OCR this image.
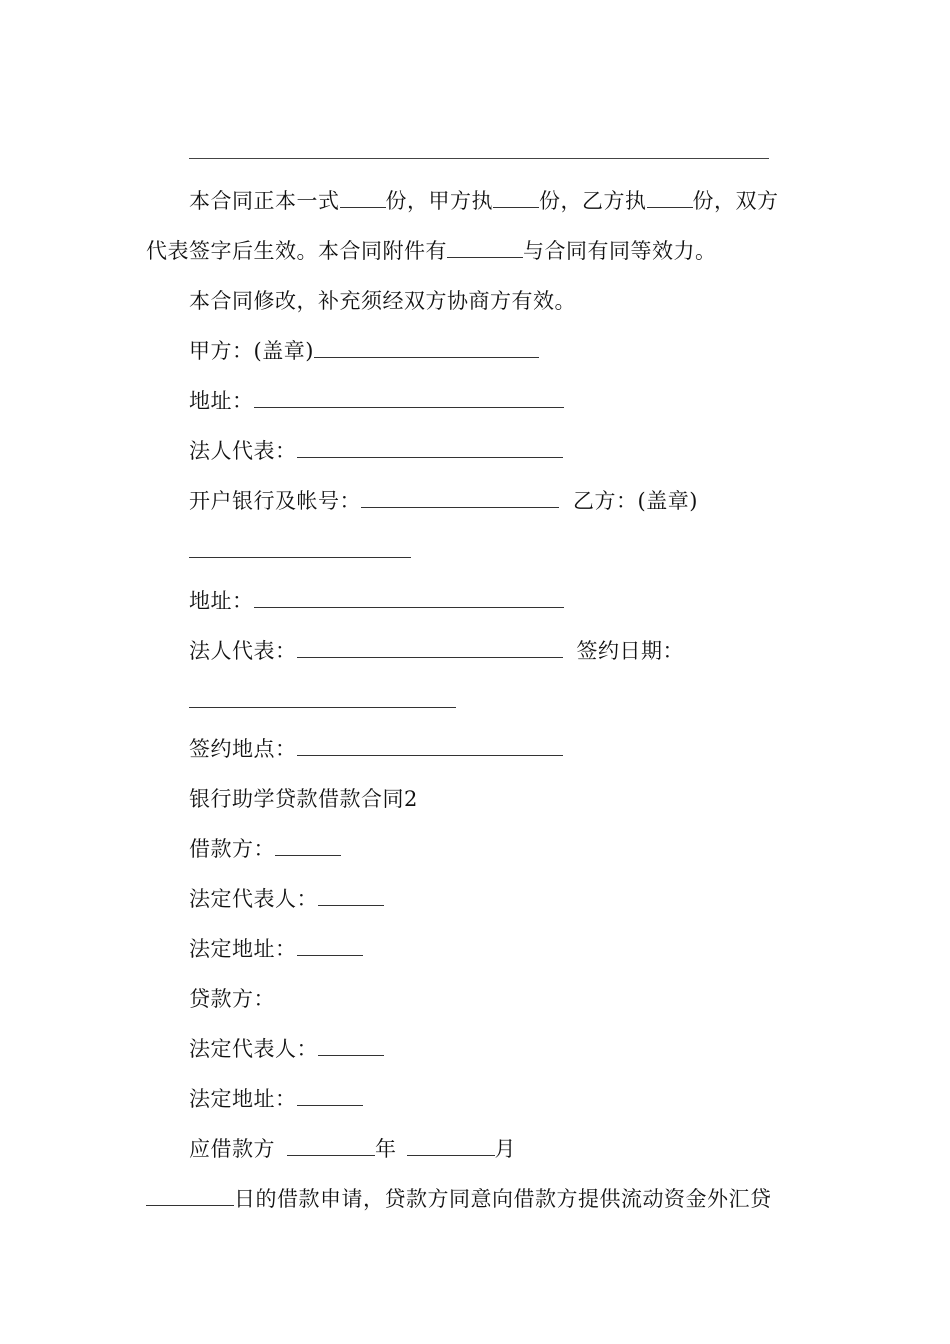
本合同正本一式 份，甲方执 份，乙方执 份，双方
代表签字后生效。本合同附件有	与合同有同等效力。
本合同修改，补充须经双方协商方有效。
甲方：(盖章)
地址：
法人代表：
开户银行及帐号：	乙方：(盖章)
地址：
法人代表：	签约日期：
签约地点：
银行助学贷款借款合同2
借款方：
法定代表人：
法定地址：
贷款方：
法定代表人：
法定地址：
应借款方	年	月
日的借款申请，贷款方同意向借款方提供流动资金外汇贷
